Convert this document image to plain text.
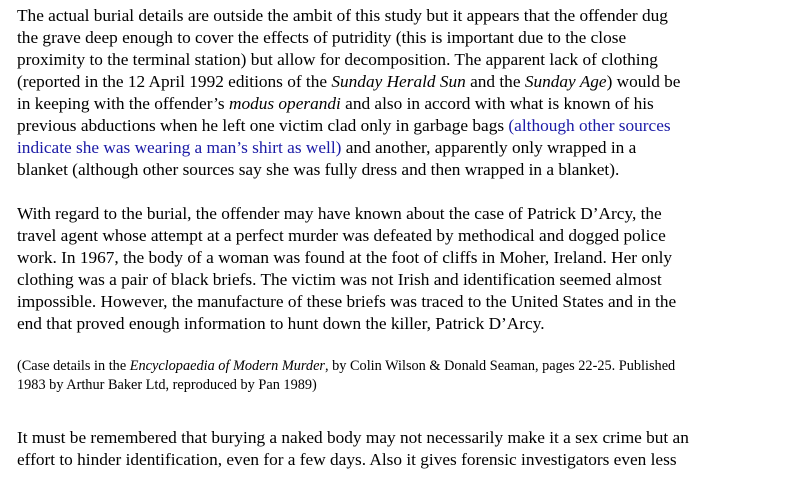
The actual burial details are outside the ambit of this study but it appears that the offender dug
the grave deep enough to cover the effects of putridity (this is important due to the close
proximity to the terminal station) but allow for decomposition. The apparent lack of clothing
(reported in the 12 April 1992 editions of the Sunday Herald Sun and the Sunday Age) would be
in keeping with the offender’s modus operandi and also in accord with what is known of his
previous abductions when he left one victim clad only in garbage bags (although other sources
indicate she was wearing a man’s shirt as well) and another, apparently only wrapped in a
blanket (although other sources say she was fully dress and then wrapped in a blanket).
With regard to the burial, the offender may have known about the case of Patrick D’Arcy, the
travel agent whose attempt at a perfect murder was defeated by methodical and dogged police
work. In 1967, the body of a woman was found at the foot of cliffs in Moher, Ireland. Her only
clothing was a pair of black briefs. The victim was not Irish and identification seemed almost
impossible. However, the manufacture of these briefs was traced to the United States and in the
end that proved enough information to hunt down the killer, Patrick D’Arcy.
(Case details in the Encyclopaedia of Modern Murder, by Colin Wilson & Donald Seaman, pages 22-25. Published
1983 by Arthur Baker Ltd, reproduced by Pan 1989)
It must be remembered that burying a naked body may not necessarily make it a sex crime but an
effort to hinder identification, even for a few days. Also it gives forensic investigators even less
